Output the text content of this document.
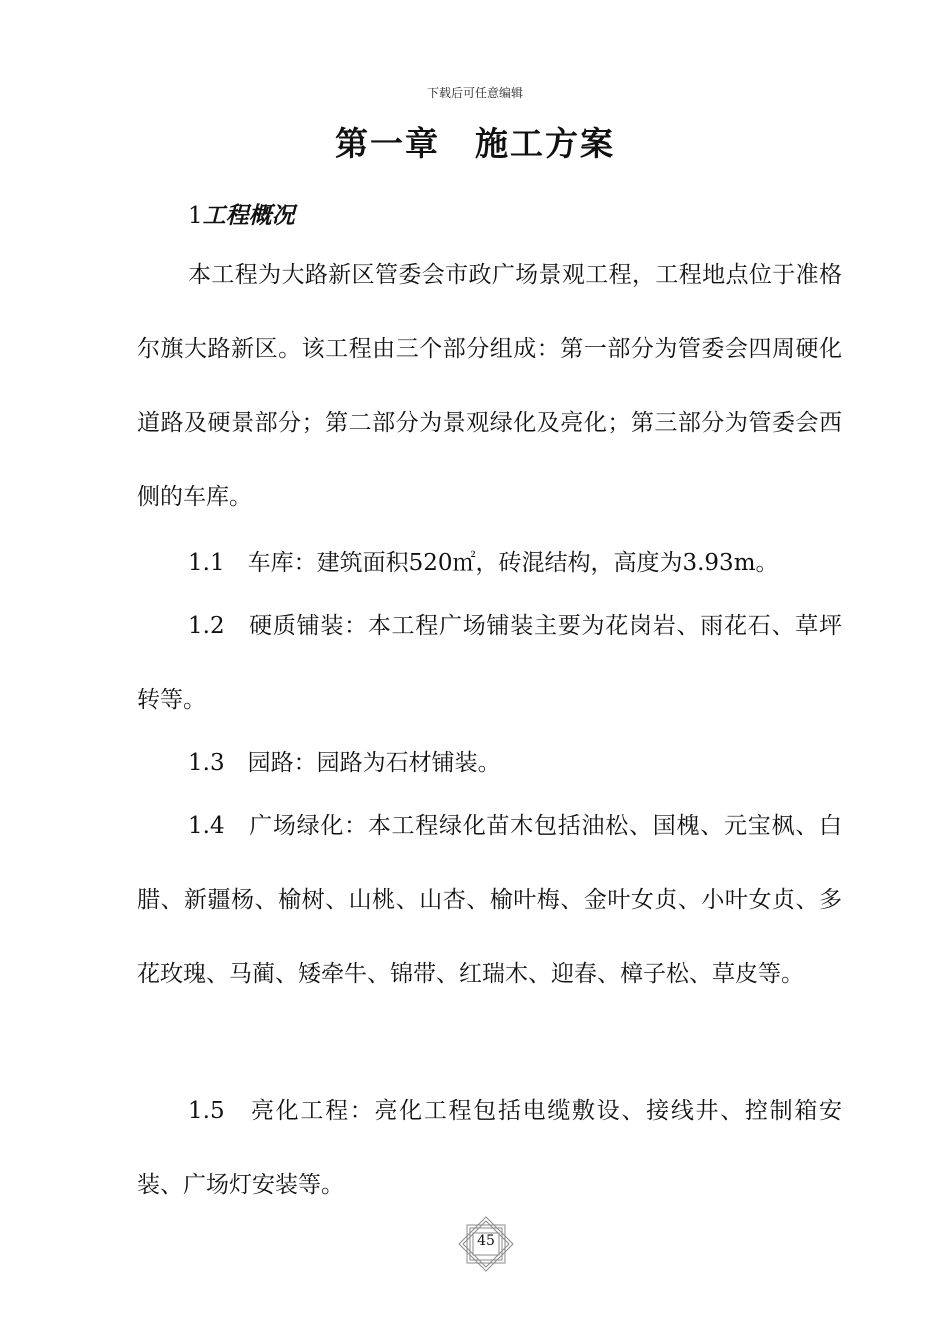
下载后可任意编辑
第一章　施工方案
1工程概况
本工程为大路新区管委会市政广场景观工程，工程地点位于准格尔旗大路新区。该工程由三个部分组成：第一部分为管委会四周硬化道路及硬景部分；第二部分为景观绿化及亮化；第三部分为管委会西侧的车库。
1.1　 车库：建筑面积520㎡，砖混结构，高度为3.93m。
1.2　 硬质铺装：本工程广场铺装主要为花岗岩、雨花石、草坪转等。
1.3　 园路：园路为石材铺装。
1.4　 广场绿化：本工程绿化苗木包括油松、国槐、元宝枫、白腊、新疆杨、榆树、山桃、山杏、榆叶梅、金叶女贞、小叶女贞、多花玫瑰、马蔺、矮牵牛、锦带、红瑞木、迎春、樟子松、草皮等。
1.5　 亮化工程：亮化工程包括电缆敷设、接线井、控制箱安装、广场灯安装等。
45
